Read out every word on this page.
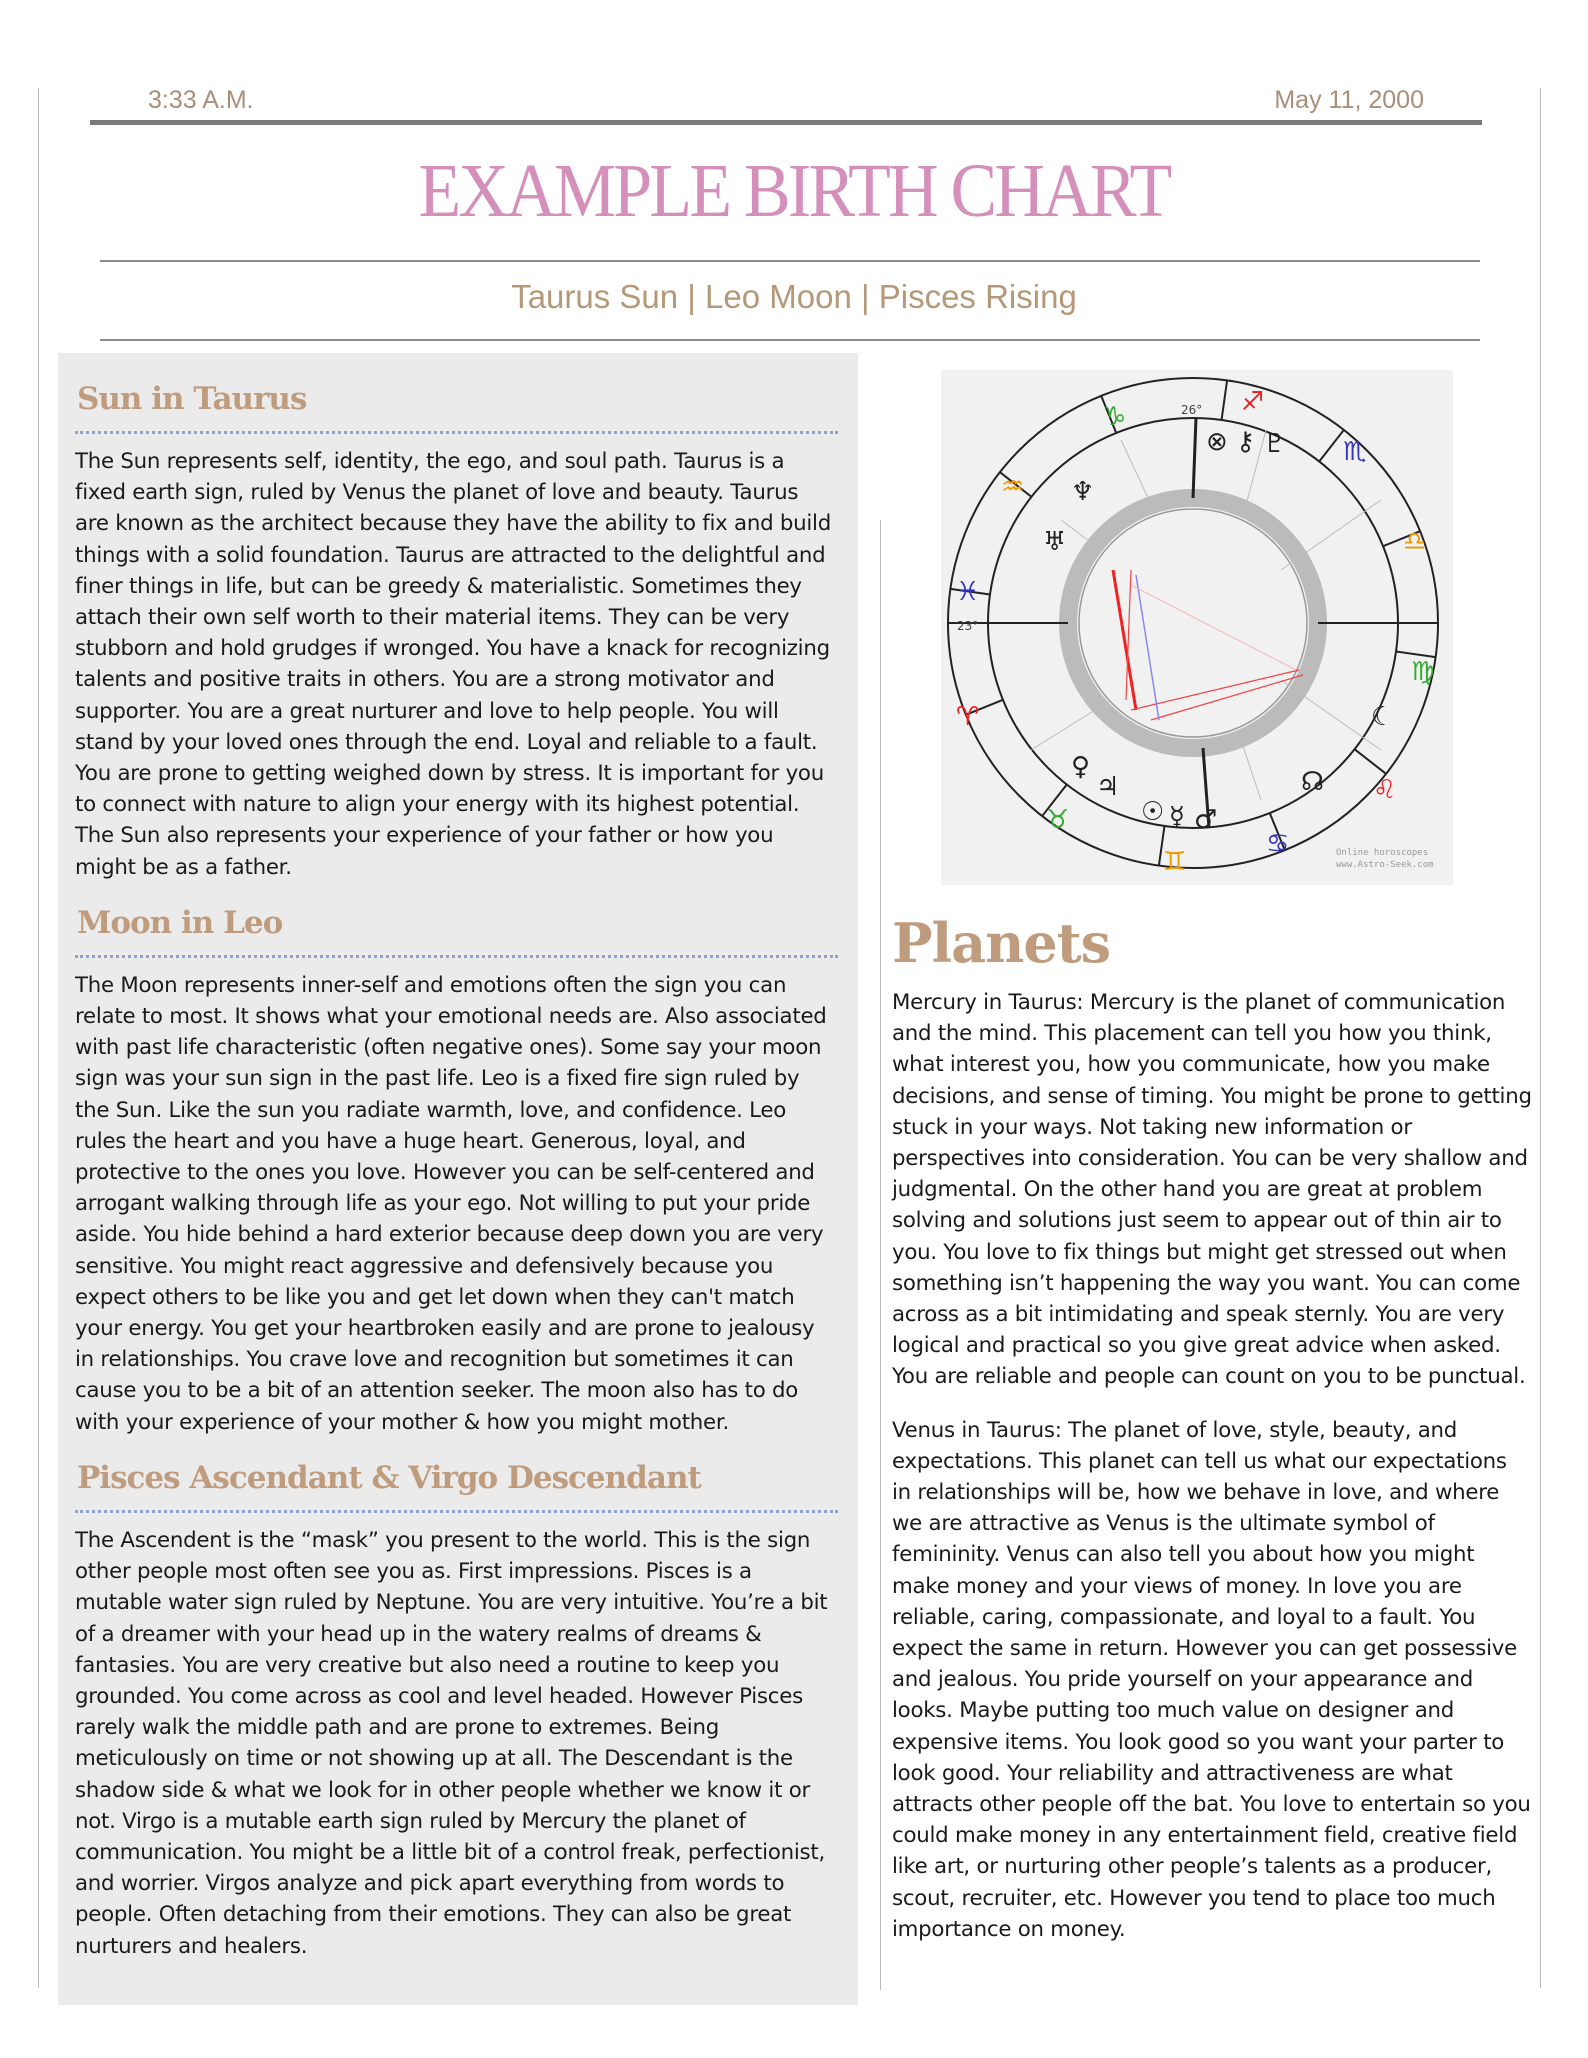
3:33 A.M.	May 11, 2000
EXAMPLE BIRTH CHART
Taurus Sun | Leo Moon | Pisces Rising
Sun in Taurus
The Sun represents self, identity, the ego, and soul path. Taurus is a fixed earth sign, ruled by Venus the planet of love and beauty. Taurus are known as the architect because they have the ability to fix and build things with a solid foundation. Taurus are attracted to the delightful and finer things in life, but can be greedy & materialistic. Sometimes they attach their own self worth to their material items. They can be very stubborn and hold grudges if wronged. You have a knack for recognizing talents and positive traits in others. You are a strong motivator and supporter. You are a great nurturer and love to help people. You will stand by your loved ones through the end. Loyal and reliable to a fault. You are prone to getting weighed down by stress. It is important for you to connect with nature to align your energy with its highest potential. The Sun also represents your experience of your father or how you might be as a father.
Moon in Leo
The Moon represents inner-self and emotions often the sign you can relate to most. It shows what your emotional needs are. Also associated with past life characteristic (often negative ones). Some say your moon sign was your sun sign in the past life. Leo is a fixed fire sign ruled by the Sun. Like the sun you radiate warmth, love, and confidence. Leo rules the heart and you have a huge heart. Generous, loyal, and protective to the ones you love. However you can be self-centered and arrogant walking through life as your ego. Not willing to put your pride aside. You hide behind a hard exterior because deep down you are very sensitive. You might react aggressive and defensively because you expect others to be like you and get let down when they can't match your energy. You get your heartbroken easily and are prone to jealousy in relationships. You crave love and recognition but sometimes it can cause you to be a bit of an attention seeker. The moon also has to do with your experience of your mother & how you might mother.
Pisces Ascendant & Virgo Descendant
The Ascendent is the “mask” you present to the world. This is the sign other people most often see you as. First impressions. Pisces is a mutable water sign ruled by Neptune. You are very intuitive. You’re a bit of a dreamer with your head up in the watery realms of dreams & fantasies. You are very creative but also need a routine to keep you grounded. You come across as cool and level headed. However Pisces rarely walk the middle path and are prone to extremes. Being meticulously on time or not showing up at all. The Descendant is the shadow side & what we look for in other people whether we know it or not. Virgo is a mutable earth sign ruled by Mercury the planet of communication. You might be a little bit of a control freak, perfectionist, and worrier. Virgos analyze and pick apart everything from words to people. Often detaching from their emotions. They can also be great nurturers and healers.
♐
♏
♎
♍
♌
♋
♊
♉
♈
♓
♒
♑
⊗ ⚷ ♇
♆
♅
☾
☊
♀
♃
☉ ☿ ♂
23°
26°
Online horoscopes
www.Astro-Seek.com
Planets
Mercury in Taurus: Mercury is the planet of communication and the mind. This placement can tell you how you think, what interest you, how you communicate, how you make decisions, and sense of timing. You might be prone to getting stuck in your ways. Not taking new information or perspectives into consideration. You can be very shallow and judgmental. On the other hand you are great at problem solving and solutions just seem to appear out of thin air to you. You love to fix things but might get stressed out when something isn’t happening the way you want. You can come across as a bit intimidating and speak sternly. You are very logical and practical so you give great advice when asked. You are reliable and people can count on you to be punctual.
Venus in Taurus: The planet of love, style, beauty, and expectations. This planet can tell us what our expectations in relationships will be, how we behave in love, and where we are attractive as Venus is the ultimate symbol of femininity. Venus can also tell you about how you might make money and your views of money. In love you are reliable, caring, compassionate, and loyal to a fault. You expect the same in return. However you can get possessive and jealous. You pride yourself on your appearance and looks. Maybe putting too much value on designer and expensive items. You look good so you want your parter to look good. Your reliability and attractiveness are what attracts other people off the bat. You love to entertain so you could make money in any entertainment field, creative field like art, or nurturing other people’s talents as a producer, scout, recruiter, etc. However you tend to place too much importance on money.
